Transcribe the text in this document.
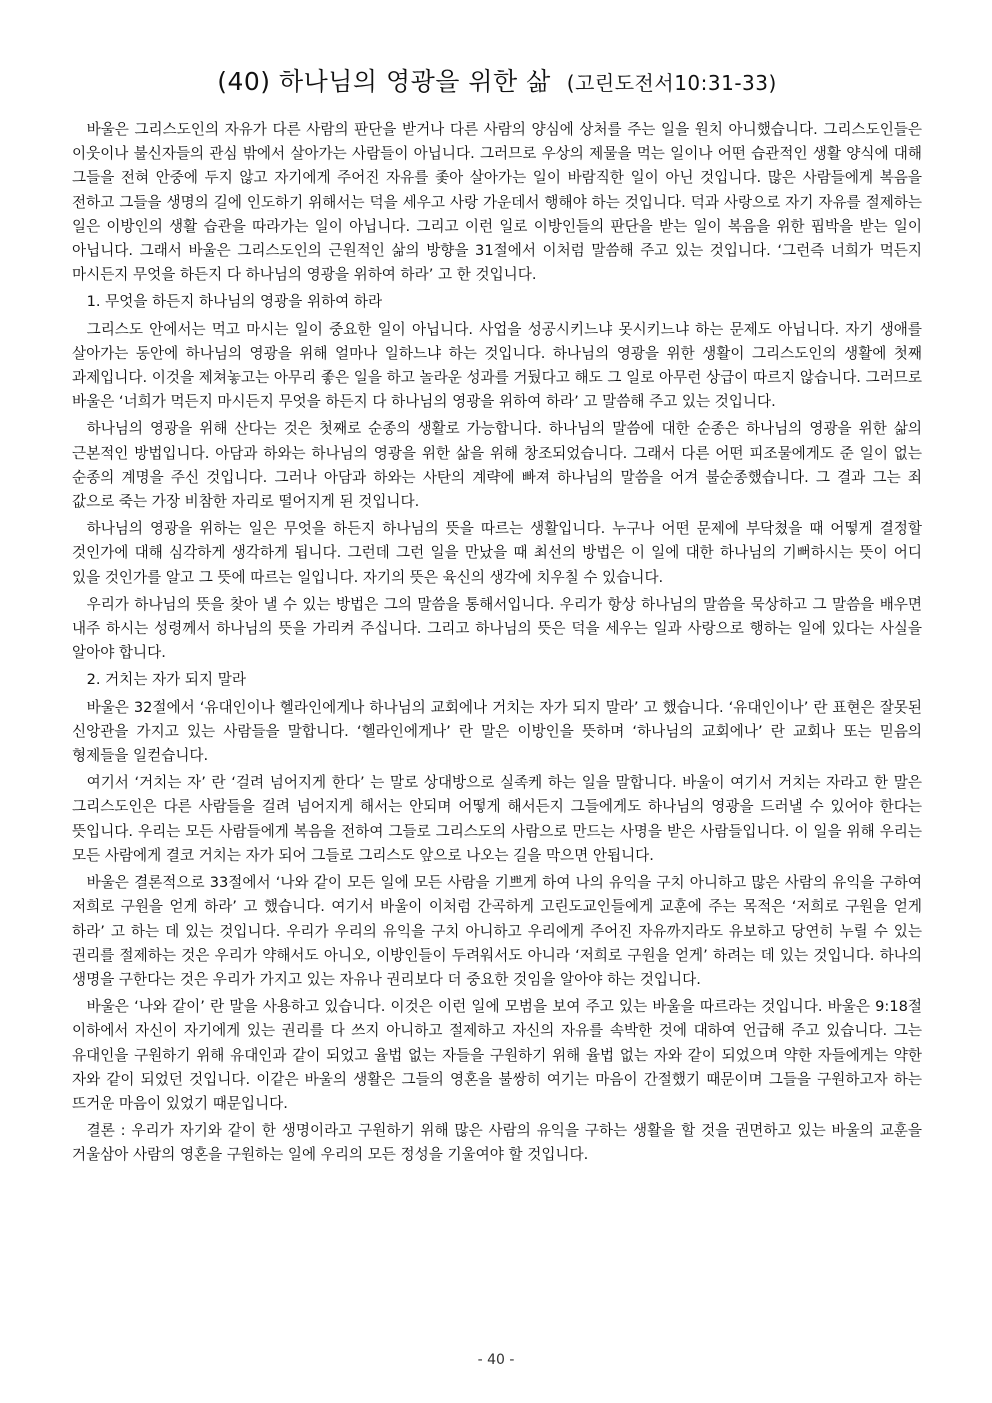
(40) 하나님의 영광을 위한 삶 (고린도전서10:31-33)

바울은 그리스도인의 자유가 다른 사람의 판단을 받거나 다른 사람의 양심에 상처를 주는 일을 원치 아니했습니다. 그리스도인들은 이웃이나 불신자들의 관심 밖에서 살아가는 사람들이 아닙니다. 그러므로 우상의 제물을 먹는 일이나 어떤 습관적인 생활 양식에 대해 그들을 전혀 안중에 두지 않고 자기에게 주어진 자유를 좇아 살아가는 일이 바람직한 일이 아닌 것입니다. 많은 사람들에게 복음을 전하고 그들을 생명의 길에 인도하기 위해서는 덕을 세우고 사랑 가운데서 행해야 하는 것입니다. 덕과 사랑으로 자기 자유를 절제하는 일은 이방인의 생활 습관을 따라가는 일이 아닙니다. 그리고 이런 일로 이방인들의 판단을 받는 일이 복음을 위한 핍박을 받는 일이 아닙니다. 그래서 바울은 그리스도인의 근원적인 삶의 방향을 31절에서 이처럼 말씀해 주고 있는 것입니다. ‘그런즉 너희가 먹든지 마시든지 무엇을 하든지 다 하나님의 영광을 위하여 하라’ 고 한 것입니다.

1. 무엇을 하든지 하나님의 영광을 위하여 하라

그리스도 안에서는 먹고 마시는 일이 중요한 일이 아닙니다. 사업을 성공시키느냐 못시키느냐 하는 문제도 아닙니다. 자기 생애를 살아가는 동안에 하나님의 영광을 위해 얼마나 일하느냐 하는 것입니다. 하나님의 영광을 위한 생활이 그리스도인의 생활에 첫째 과제입니다. 이것을 제쳐놓고는 아무리 좋은 일을 하고 놀라운 성과를 거뒀다고 해도 그 일로 아무런 상급이 따르지 않습니다. 그러므로 바울은 ‘너희가 먹든지 마시든지 무엇을 하든지 다 하나님의 영광을 위하여 하라’ 고 말씀해 주고 있는 것입니다.

하나님의 영광을 위해 산다는 것은 첫째로 순종의 생활로 가능합니다. 하나님의 말씀에 대한 순종은 하나님의 영광을 위한 삶의 근본적인 방법입니다. 아담과 하와는 하나님의 영광을 위한 삶을 위해 창조되었습니다. 그래서 다른 어떤 피조물에게도 준 일이 없는 순종의 계명을 주신 것입니다. 그러나 아담과 하와는 사탄의 계략에 빠져 하나님의 말씀을 어겨 불순종했습니다. 그 결과 그는 죄 값으로 죽는 가장 비참한 자리로 떨어지게 된 것입니다.

하나님의 영광을 위하는 일은 무엇을 하든지 하나님의 뜻을 따르는 생활입니다. 누구나 어떤 문제에 부닥쳤을 때 어떻게 결정할 것인가에 대해 심각하게 생각하게 됩니다. 그런데 그런 일을 만났을 때 최선의 방법은 이 일에 대한 하나님의 기뻐하시는 뜻이 어디 있을 것인가를 알고 그 뜻에 따르는 일입니다. 자기의 뜻은 육신의 생각에 치우칠 수 있습니다.

우리가 하나님의 뜻을 찾아 낼 수 있는 방법은 그의 말씀을 통해서입니다. 우리가 항상 하나님의 말씀을 묵상하고 그 말씀을 배우면 내주 하시는 성령께서 하나님의 뜻을 가리켜 주십니다. 그리고 하나님의 뜻은 덕을 세우는 일과 사랑으로 행하는 일에 있다는 사실을 알아야 합니다.

2. 거치는 자가 되지 말라

바울은 32절에서 ‘유대인이나 헬라인에게나 하나님의 교회에나 거치는 자가 되지 말라’ 고 했습니다. ‘유대인이나’ 란 표현은 잘못된 신앙관을 가지고 있는 사람들을 말합니다. ‘헬라인에게나’ 란 말은 이방인을 뜻하며 ‘하나님의 교회에나’ 란 교회나 또는 믿음의 형제들을 일컫습니다.

여기서 ‘거치는 자’ 란 ‘걸려 넘어지게 한다’ 는 말로 상대방으로 실족케 하는 일을 말합니다. 바울이 여기서 거치는 자라고 한 말은 그리스도인은 다른 사람들을 걸려 넘어지게 해서는 안되며 어떻게 해서든지 그들에게도 하나님의 영광을 드러낼 수 있어야 한다는 뜻입니다. 우리는 모든 사람들에게 복음을 전하여 그들로 그리스도의 사람으로 만드는 사명을 받은 사람들입니다. 이 일을 위해 우리는 모든 사람에게 결코 거치는 자가 되어 그들로 그리스도 앞으로 나오는 길을 막으면 안됩니다.

바울은 결론적으로 33절에서 ‘나와 같이 모든 일에 모든 사람을 기쁘게 하여 나의 유익을 구치 아니하고 많은 사람의 유익을 구하여 저희로 구원을 얻게 하라’ 고 했습니다. 여기서 바울이 이처럼 간곡하게 고린도교인들에게 교훈에 주는 목적은 ‘저희로 구원을 얻게 하라’ 고 하는 데 있는 것입니다. 우리가 우리의 유익을 구치 아니하고 우리에게 주어진 자유까지라도 유보하고 당연히 누릴 수 있는 권리를 절제하는 것은 우리가 약해서도 아니오, 이방인들이 두려워서도 아니라 ‘저희로 구원을 얻게’ 하려는 데 있는 것입니다. 하나의 생명을 구한다는 것은 우리가 가지고 있는 자유나 권리보다 더 중요한 것임을 알아야 하는 것입니다.

바울은 ‘나와 같이’ 란 말을 사용하고 있습니다. 이것은 이런 일에 모범을 보여 주고 있는 바울을 따르라는 것입니다. 바울은 9:18절 이하에서 자신이 자기에게 있는 권리를 다 쓰지 아니하고 절제하고 자신의 자유를 속박한 것에 대하여 언급해 주고 있습니다. 그는 유대인을 구원하기 위해 유대인과 같이 되었고 율법 없는 자들을 구원하기 위해 율법 없는 자와 같이 되었으며 약한 자들에게는 약한 자와 같이 되었던 것입니다. 이같은 바울의 생활은 그들의 영혼을 불쌍히 여기는 마음이 간절했기 때문이며 그들을 구원하고자 하는 뜨거운 마음이 있었기 때문입니다.

결론 : 우리가 자기와 같이 한 생명이라고 구원하기 위해 많은 사람의 유익을 구하는 생활을 할 것을 권면하고 있는 바울의 교훈을 거울삼아 사람의 영혼을 구원하는 일에 우리의 모든 정성을 기울여야 할 것입니다.

- 40 -
